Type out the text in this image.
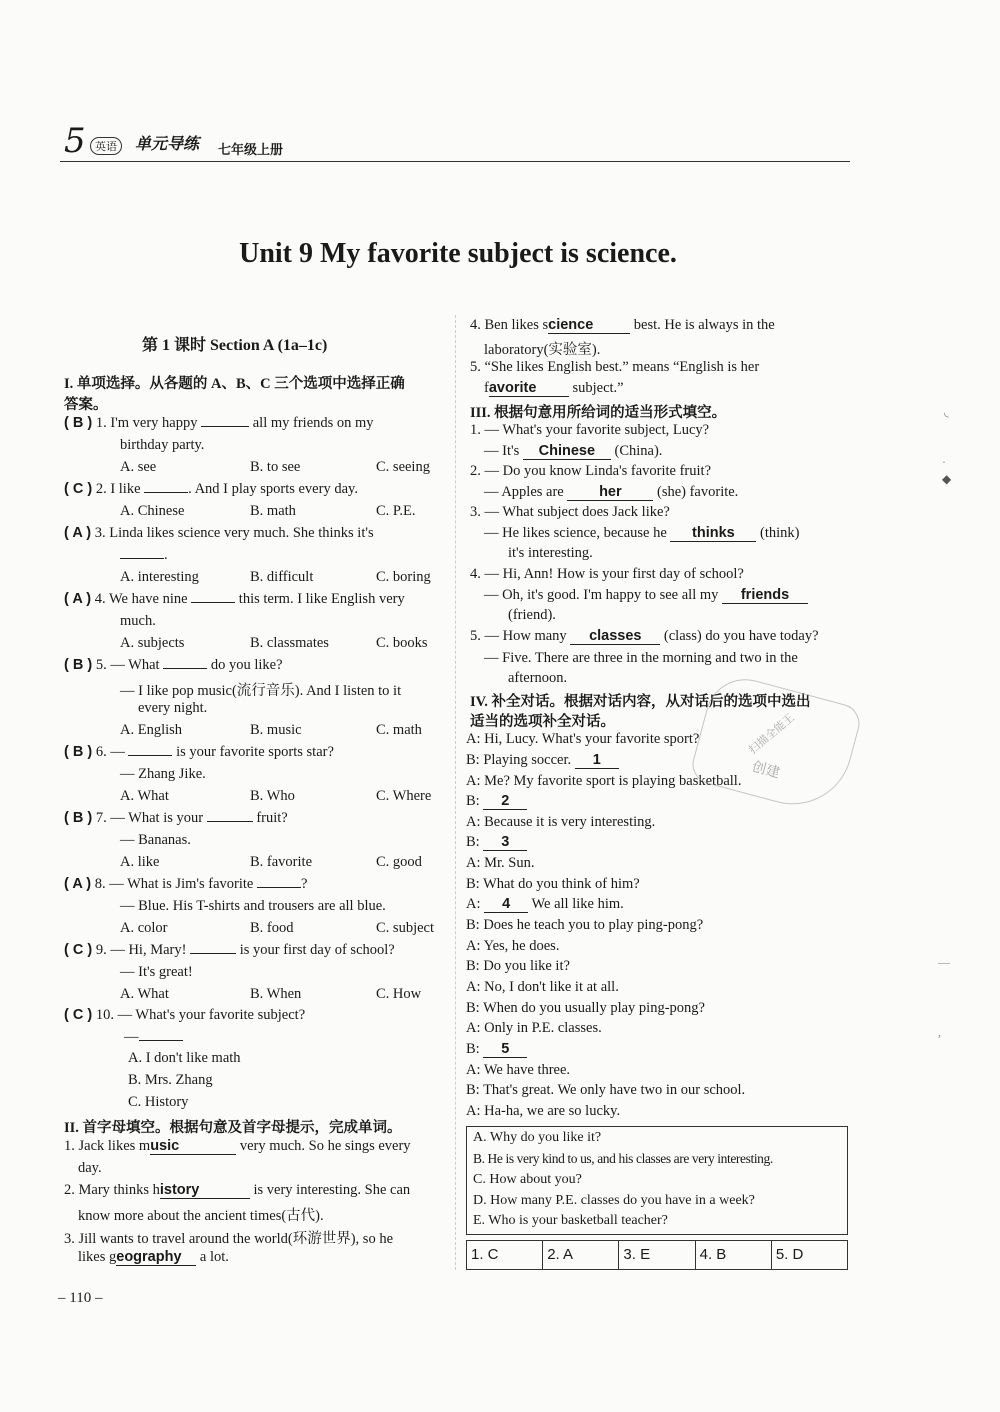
5 英语	单元导练 七年级上册
Unit 9 My favorite subject is science.
第 1 课时 Section A (1a–1c)
I. 单项选择。从各题的 A、B、C 三个选项中选择正确
答案。
( B ) 1. I'm very happy	all my friends on my
birthday party.
A. see	B. to see	C. seeing
( C ) 2. I like	. And I play sports every day.
A. Chinese	B. math	C. P.E.
( A ) 3. Linda likes science very much. She thinks it's
.
A. interesting	B. difficult	C. boring
( A ) 4. We have nine	this term. I like English very
much.
A. subjects	B. classmates	C. books
( B ) 5. — What	do you like?
— I like pop music(流行音乐). And I listen to it
every night.
A. English	B. music	C. math
( B ) 6. —	is your favorite sports star?
— Zhang Jike.
A. What	B. Who	C. Where
( B ) 7. — What is your	fruit?
— Bananas.
A. like	B. favorite	C. good
( A ) 8. — What is Jim's favorite	?
— Blue. His T-shirts and trousers are all blue.
A. color	B. food	C. subject
( C ) 9. — Hi, Mary!	is your first day of school?
— It's great!
A. What	B. When	C. How
( C ) 10. — What's your favorite subject?
—
A. I don't like math
B. Mrs. Zhang
C. History
II. 首字母填空。根据句意及首字母提示，完成单词。
1. Jack likes music	very much. So he sings every
day.
2. Mary thinks history	is very interesting. She can
know more about the ancient times(古代).
3. Jill wants to travel around the world(环游世界), so he
likes geography a lot.
4. Ben likes science	best. He is always in the
laboratory(实验室).
5. “She likes English best.” means “English is her
favorite subject.”
III. 根据句意用所给词的适当形式填空。
1. — What's your favorite subject, Lucy?
— It's Chinese (China).
2. — Do you know Linda's favorite fruit?
— Apples are her (she) favorite.
3. — What subject does Jack like?
— He likes science, because he thinks (think)
it's interesting.
4. — Hi, Ann! How is your first day of school?
— Oh, it's good. I'm happy to see all my friends
(friend).
5. — How many classes (class) do you have today?
— Five. There are three in the morning and two in the
afternoon.
IV. 补全对话。根据对话内容，从对话后的选项中选出
适当的选项补全对话。
A: Hi, Lucy. What's your favorite sport?
B: Playing soccer. 1
A: Me? My favorite sport is playing basketball.
B: 2
A: Because it is very interesting.
B: 3
A: Mr. Sun.
B: What do you think of him?
A: 4 We all like him.
B: Does he teach you to play ping-pong?
A: Yes, he does.
B: Do you like it?
A: No, I don't like it at all.
B: When do you usually play ping-pong?
A: Only in P.E. classes.
B: 5
A: We have three.
B: That's great. We only have two in our school.
A: Ha-ha, we are so lucky.
A. Why do you like it?
B. He is very kind to us, and his classes are very interesting.
C. How about you?
D. How many P.E. classes do you have in a week?
E. Who is your basketball teacher?
1. C	2. A	3. E	4. B	5. D
扫描全能王
创建
◟
·
◆
—
,
– 110 –
